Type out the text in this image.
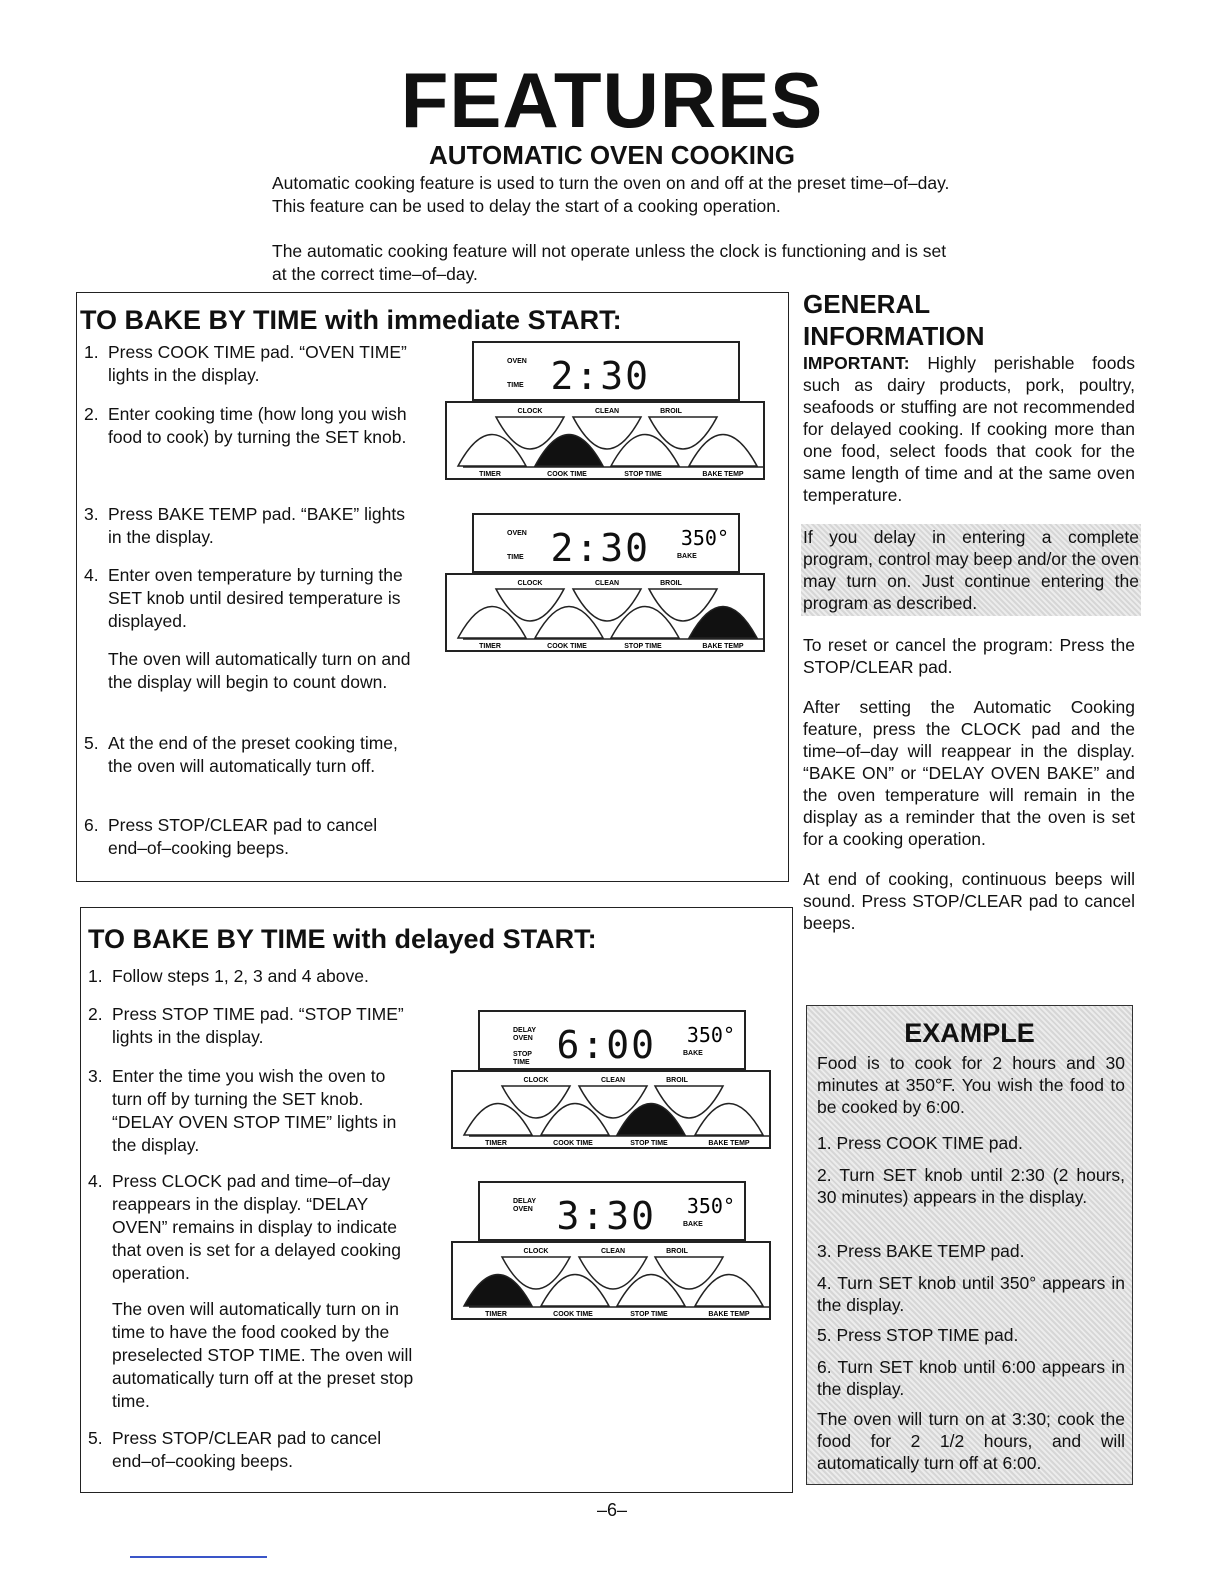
FEATURES
AUTOMATIC OVEN COOKING
Automatic cooking feature is used to turn the oven on and off at the preset time–of–day. This feature can be used to delay the start of a cooking operation.
The automatic cooking feature will not operate unless the clock is functioning and is set at the correct time–of–day.
TO BAKE BY TIME with immediate START:
1. Press COOK TIME pad. “OVEN TIME” lights in the display.
2. Enter cooking time (how long you wish food to cook) by turning the SET knob.
3. Press BAKE TEMP pad. “BAKE” lights in the display.
4. Enter oven temperature by turning the SET knob until desired temperature is displayed.
The oven will automatically turn on and the display will begin to count down.
5. At the end of the preset cooking time, the oven will automatically turn off.
6. Press STOP/CLEAR pad to cancel end–of–cooking beeps.
TO BAKE BY TIME with delayed START:
1. Follow steps 1, 2, 3 and 4 above.
2. Press STOP TIME pad. “STOP TIME” lights in the display.
3. Enter the time you wish the oven to turn off by turning the SET knob. “DELAY OVEN STOP TIME” lights in the display.
4. Press CLOCK pad and time–of–day reappears in the display. “DELAY OVEN” remains in display to indicate that oven is set for a delayed cooking operation.
The oven will automatically turn on in time to have the food cooked by the preselected STOP TIME. The oven will automatically turn off at the preset stop time.
5. Press STOP/CLEAR pad to cancel end–of–cooking beeps.
OVEN
TIME 2:30
CLOCK	CLEAN	BROIL
TIMER	COOK TIME	STOP TIME	BAKE TEMP
OVEN
TIME 2:30 350°
BAKE
CLOCK	CLEAN	BROIL
TIMER	COOK TIME	STOP TIME	BAKE TEMP
DELAY
OVEN
STOP
TIME 6:00 350°
BAKE
CLOCK	CLEAN	BROIL
TIMER	COOK TIME	STOP TIME	BAKE TEMP
DELAY
OVEN 3:30 350°
BAKE
CLOCK	CLEAN	BROIL
TIMER	COOK TIME	STOP TIME	BAKE TEMP
GENERAL INFORMATION
IMPORTANT: Highly perishable foods such as dairy products, pork, poultry, seafoods or stuffing are not recommended for delayed cooking. If cooking more than one food, select foods that cook for the same length of time and at the same oven temperature.
If you delay in entering a complete program, control may beep and/or the oven may turn on. Just continue entering the program as described.
To reset or cancel the program: Press the STOP/CLEAR pad.
After setting the Automatic Cooking feature, press the CLOCK pad and the time–of–day will reappear in the display. “BAKE ON” or “DELAY OVEN BAKE” and the oven temperature will remain in the display as a reminder that the oven is set for a cooking operation.
At end of cooking, continuous beeps will sound. Press STOP/CLEAR pad to cancel beeps.
EXAMPLE
Food is to cook for 2 hours and 30 minutes at 350°F. You wish the food to be cooked by 6:00.
1. Press COOK TIME pad.
2. Turn SET knob until 2:30 (2 hours, 30 minutes) appears in the display.
3. Press BAKE TEMP pad.
4. Turn SET knob until 350° appears in the display.
5. Press STOP TIME pad.
6. Turn SET knob until 6:00 appears in the display.
The oven will turn on at 3:30; cook the food for 2 1/2 hours, and will automatically turn off at 6:00.
–6–
